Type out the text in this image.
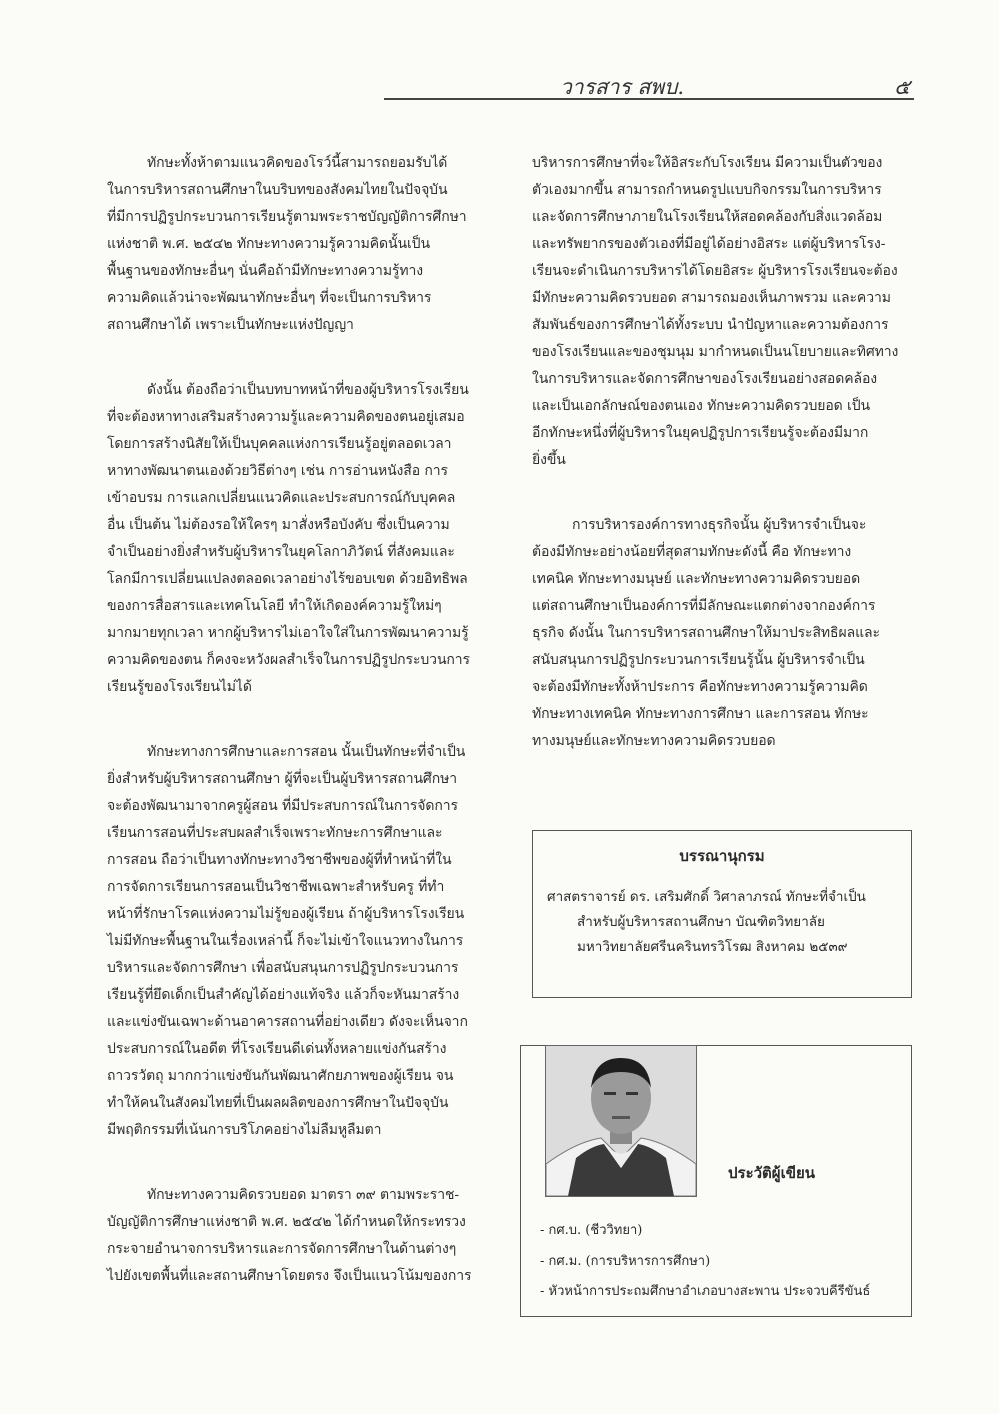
วารสาร สพบ.	๕

ทักษะทั้งห้าตามแนวคิดของโรว์นี้สามารถยอมรับได้

ในการบริหารสถานศึกษาในบริบทของสังคมไทยในปัจจุบัน

ที่มีการปฏิรูปกระบวนการเรียนรู้ตามพระราชบัญญัติการศึกษา

แห่งชาติ พ.ศ. ๒๕๔๒ ทักษะทางความรู้ความคิดนั้นเป็น

พื้นฐานของทักษะอื่นๆ นั่นคือถ้ามีทักษะทางความรู้ทาง

ความคิดแล้วน่าจะพัฒนาทักษะอื่นๆ ที่จะเป็นการบริหาร

สถานศึกษาได้ เพราะเป็นทักษะแห่งปัญญา

ดังนั้น ต้องถือว่าเป็นบทบาทหน้าที่ของผู้บริหารโรงเรียน

ที่จะต้องหาทางเสริมสร้างความรู้และความคิดของตนอยู่เสมอ

โดยการสร้างนิสัยให้เป็นบุคคลแห่งการเรียนรู้อยู่ตลอดเวลา

หาทางพัฒนาตนเองด้วยวิธีต่างๆ เช่น การอ่านหนังสือ การ

เข้าอบรม การแลกเปลี่ยนแนวคิดและประสบการณ์กับบุคคล

อื่น เป็นต้น ไม่ต้องรอให้ใครๆ มาสั่งหรือบังคับ ซึ่งเป็นความ

จำเป็นอย่างยิ่งสำหรับผู้บริหารในยุคโลกาภิวัตน์ ที่สังคมและ

โลกมีการเปลี่ยนแปลงตลอดเวลาอย่างไร้ขอบเขต ด้วยอิทธิพล

ของการสื่อสารและเทคโนโลยี ทำให้เกิดองค์ความรู้ใหม่ๆ

มากมายทุกเวลา หากผู้บริหารไม่เอาใจใส่ในการพัฒนาความรู้

ความคิดของตน ก็คงจะหวังผลสำเร็จในการปฏิรูปกระบวนการ

เรียนรู้ของโรงเรียนไม่ได้

ทักษะทางการศึกษาและการสอน นั้นเป็นทักษะที่จำเป็น

ยิ่งสำหรับผู้บริหารสถานศึกษา ผู้ที่จะเป็นผู้บริหารสถานศึกษา

จะต้องพัฒนามาจากครูผู้สอน ที่มีประสบการณ์ในการจัดการ

เรียนการสอนที่ประสบผลสำเร็จเพราะทักษะการศึกษาและ

การสอน ถือว่าเป็นทางทักษะทางวิชาชีพของผู้ที่ทำหน้าที่ใน

การจัดการเรียนการสอนเป็นวิชาชีพเฉพาะสำหรับครู ที่ทำ

หน้าที่รักษาโรคแห่งความไม่รู้ของผู้เรียน ถ้าผู้บริหารโรงเรียน

ไม่มีทักษะพื้นฐานในเรื่องเหล่านี้ ก็จะไม่เข้าใจแนวทางในการ

บริหารและจัดการศึกษา เพื่อสนับสนุนการปฏิรูปกระบวนการ

เรียนรู้ที่ยึดเด็กเป็นสำคัญได้อย่างแท้จริง แล้วก็จะหันมาสร้าง

และแข่งขันเฉพาะด้านอาคารสถานที่อย่างเดียว ดังจะเห็นจาก

ประสบการณ์ในอดีต ที่โรงเรียนดีเด่นทั้งหลายแข่งกันสร้าง

ถาวรวัตถุ มากกว่าแข่งขันกันพัฒนาศักยภาพของผู้เรียน จน

ทำให้คนในสังคมไทยที่เป็นผลผลิตของการศึกษาในปัจจุบัน

มีพฤติกรรมที่เน้นการบริโภคอย่างไม่ลืมหูลืมตา

ทักษะทางความคิดรวบยอด มาตรา ๓๙ ตามพระราช-

บัญญัติการศึกษาแห่งชาติ พ.ศ. ๒๕๔๒ ได้กำหนดให้กระทรวง

กระจายอำนาจการบริหารและการจัดการศึกษาในด้านต่างๆ

ไปยังเขตพื้นที่และสถานศึกษาโดยตรง จึงเป็นแนวโน้มของการ

บริหารการศึกษาที่จะให้อิสระกับโรงเรียน มีความเป็นตัวของ

ตัวเองมากขึ้น สามารถกำหนดรูปแบบกิจกรรมในการบริหาร

และจัดการศึกษาภายในโรงเรียนให้สอดคล้องกับสิ่งแวดล้อม

และทรัพยากรของตัวเองที่มีอยู่ได้อย่างอิสระ แต่ผู้บริหารโรง-

เรียนจะดำเนินการบริหารได้โดยอิสระ ผู้บริหารโรงเรียนจะต้อง

มีทักษะความคิดรวบยอด สามารถมองเห็นภาพรวม และความ

สัมพันธ์ของการศึกษาได้ทั้งระบบ นำปัญหาและความต้องการ

ของโรงเรียนและของชุมนุม มากำหนดเป็นนโยบายและทิศทาง

ในการบริหารและจัดการศึกษาของโรงเรียนอย่างสอดคล้อง

และเป็นเอกลักษณ์ของตนเอง ทักษะความคิดรวบยอด เป็น

อีกทักษะหนึ่งที่ผู้บริหารในยุคปฏิรูปการเรียนรู้จะต้องมีมาก

ยิ่งขึ้น

การบริหารองค์การทางธุรกิจนั้น ผู้บริหารจำเป็นจะ

ต้องมีทักษะอย่างน้อยที่สุดสามทักษะดังนี้ คือ ทักษะทาง

เทคนิค ทักษะทางมนุษย์ และทักษะทางความคิดรวบยอด

แต่สถานศึกษาเป็นองค์การที่มีลักษณะแตกต่างจากองค์การ

ธุรกิจ ดังนั้น ในการบริหารสถานศึกษาให้มาประสิทธิผลและ

สนับสนุนการปฏิรูปกระบวนการเรียนรู้นั้น ผู้บริหารจำเป็น

จะต้องมีทักษะทั้งห้าประการ คือทักษะทางความรู้ความคิด

ทักษะทางเทคนิค ทักษะทางการศึกษา และการสอน ทักษะ

ทางมนุษย์และทักษะทางความคิดรวบยอด

บรรณานุกรม
ศาสตราจารย์ ดร. เสริมศักดิ์ วิศาลาภรณ์ ทักษะที่จำเป็น
สำหรับผู้บริหารสถานศึกษา บัณฑิตวิทยาลัย
มหาวิทยาลัยศรีนครินทรวิโรฒ สิงหาคม ๒๕๓๙
ประวัติผู้เขียน
- กศ.บ. (ชีววิทยา)
- กศ.ม. (การบริหารการศึกษา)
- หัวหน้าการประถมศึกษาอำเภอบางสะพาน ประจวบคีรีขันธ์
